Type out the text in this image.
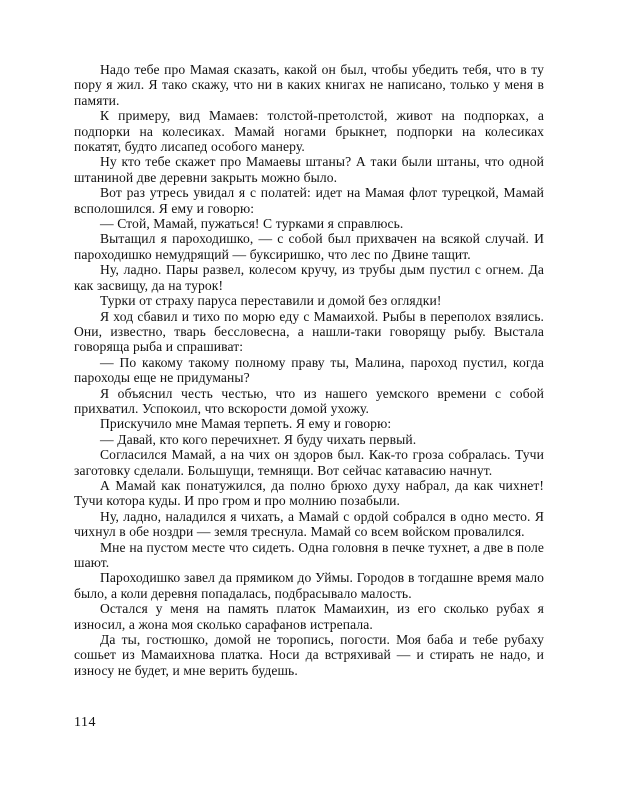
Надо тебе про Мамая сказать, какой он был, чтобы убедить тебя, что в ту пору я жил. Я тако скажу, что ни в каких книгах не написано, только у меня в памяти.

К примеру, вид Мамаев: толстой-претолстой, живот на подпорках, а подпорки на колесиках. Мамай ногами брыкнет, подпорки на колесиках покатят, будто лисапед особого манеру.

Ну кто тебе скажет про Мамаевы штаны? А таки были штаны, что одной штаниной две деревни закрыть можно было.

Вот раз утресь увидал я с полатей: идет на Мамая флот турецкой, Мамай всполошился. Я ему и говорю:

— Стой, Мамай, пужаться! С турками я справлюсь.

Вытащил я пароходишко, — с собой был прихвачен на всякой случай. И пароходишко немудрящий — буксиришко, что лес по Двине тащит.

Ну, ладно. Пары развел, колесом кручу, из трубы дым пустил с огнем. Да как засвищу, да на турок!

Турки от страху паруса переставили и домой без оглядки!

Я ход сбавил и тихо по морю еду с Мамаихой. Рыбы в переполох взялись. Они, известно, тварь бессловесна, а нашли-таки говорящу рыбу. Выстала говоряща рыба и спрашиват:

— По какому такому полному праву ты, Малина, пароход пустил, когда пароходы еще не придуманы?

Я объяснил честь честью, что из нашего уемского времени с собой прихватил. Успокоил, что вскорости домой ухожу.

Прискучило мне Мамая терпеть. Я ему и говорю:

— Давай, кто кого перечихнет. Я буду чихать первый.

Согласился Мамай, а на чих он здоров был. Как-то гроза собралась. Тучи заготовку сделали. Большущи, темнящи. Вот сейчас катавасию начнут.

А Мамай как понатужился, да полно брюхо духу набрал, да как чихнет! Тучи котора куды. И про гром и про молнию позабыли.

Ну, ладно, наладился я чихать, а Мамай с ордой собрался в одно место. Я чихнул в обе ноздри — земля треснула. Мамай со всем войском провалился.

Мне на пустом месте что сидеть. Одна головня в печке тухнет, а две в поле шают.

Пароходишко завел да прямиком до Уймы. Городов в тогдашне время мало было, а коли деревня попадалась, подбрасывало малость.

Остался у меня на память платок Мамаихин, из его сколько рубах я износил, а жона моя сколько сарафанов истрепала.

Да ты, гостюшко, домой не торопись, погости. Моя баба и тебе рубаху сошьет из Мамаихнова платка. Носи да встряхивай — и стирать не надо, и износу не будет, и мне верить будешь.

114
